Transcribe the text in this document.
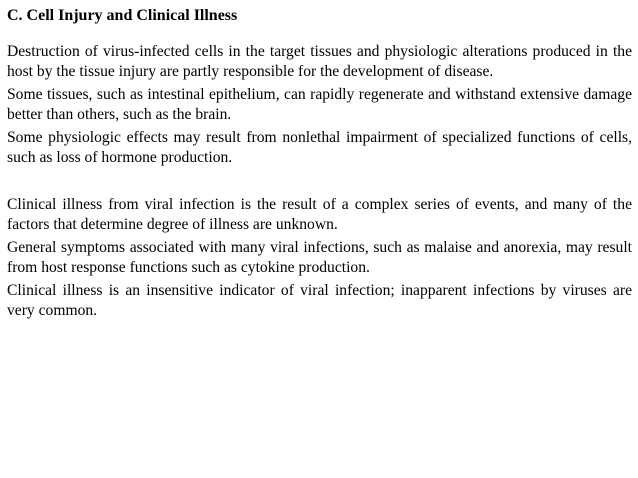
C. Cell Injury and Clinical Illness

Destruction of virus-infected cells in the target tissues and physiologic alterations produced in the host by the tissue injury are partly responsible for the development of disease.

Some tissues, such as intestinal epithelium, can rapidly regenerate and withstand extensive damage better than others, such as the brain.

Some physiologic effects may result from nonlethal impairment of specialized functions of cells, such as loss of hormone production.

Clinical illness from viral infection is the result of a complex series of events, and many of the factors that determine degree of illness are unknown.

General symptoms associated with many viral infections, such as malaise and anorexia, may result from host response functions such as cytokine production.

Clinical illness is an insensitive indicator of viral infection; inapparent infections by viruses are very common.
